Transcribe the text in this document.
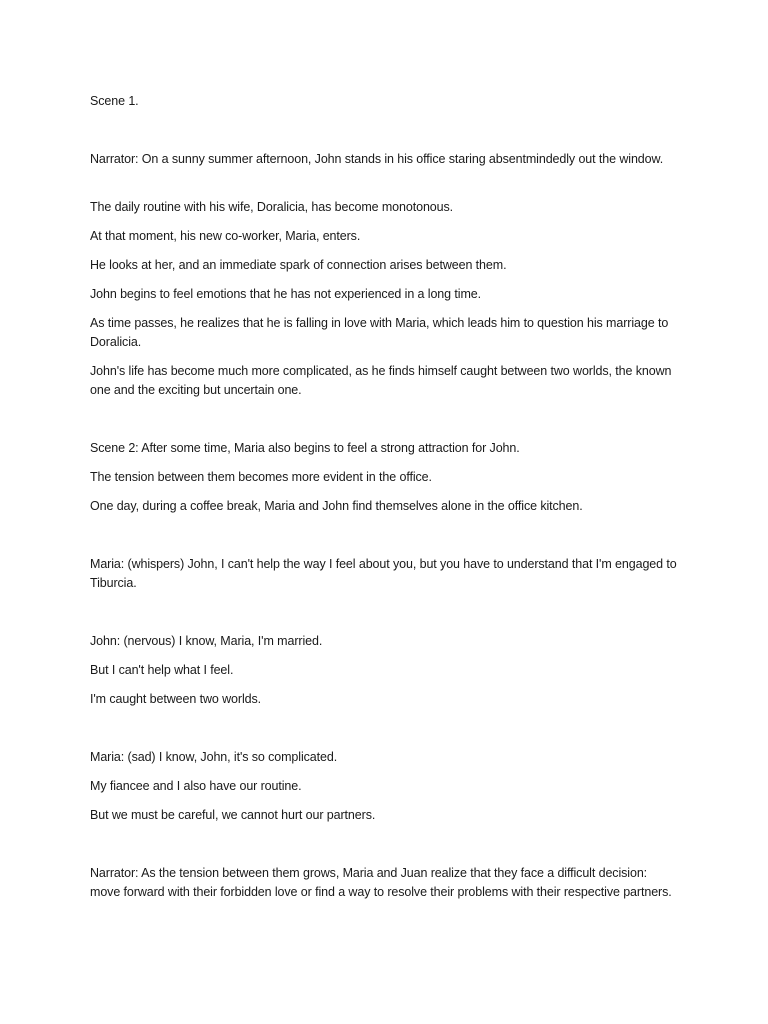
Scene 1.

Narrator: On a sunny summer afternoon, John stands in his office staring absentmindedly out the window.

The daily routine with his wife, Doralicia, has become monotonous.

At that moment, his new co-worker, Maria, enters.

He looks at her, and an immediate spark of connection arises between them.

John begins to feel emotions that he has not experienced in a long time.

As time passes, he realizes that he is falling in love with Maria, which leads him to question his marriage to Doralicia.

John's life has become much more complicated, as he finds himself caught between two worlds, the known one and the exciting but uncertain one.

Scene 2: After some time, Maria also begins to feel a strong attraction for John.

The tension between them becomes more evident in the office.

One day, during a coffee break, Maria and John find themselves alone in the office kitchen.

Maria: (whispers) John, I can't help the way I feel about you, but you have to understand that I'm engaged to Tiburcia.

John: (nervous) I know, Maria, I'm married.

But I can't help what I feel.

I'm caught between two worlds.

Maria: (sad) I know, John, it's so complicated.

My fiancee and I also have our routine.

But we must be careful, we cannot hurt our partners.

Narrator: As the tension between them grows, Maria and Juan realize that they face a difficult decision: move forward with their forbidden love or find a way to resolve their problems with their respective partners.
